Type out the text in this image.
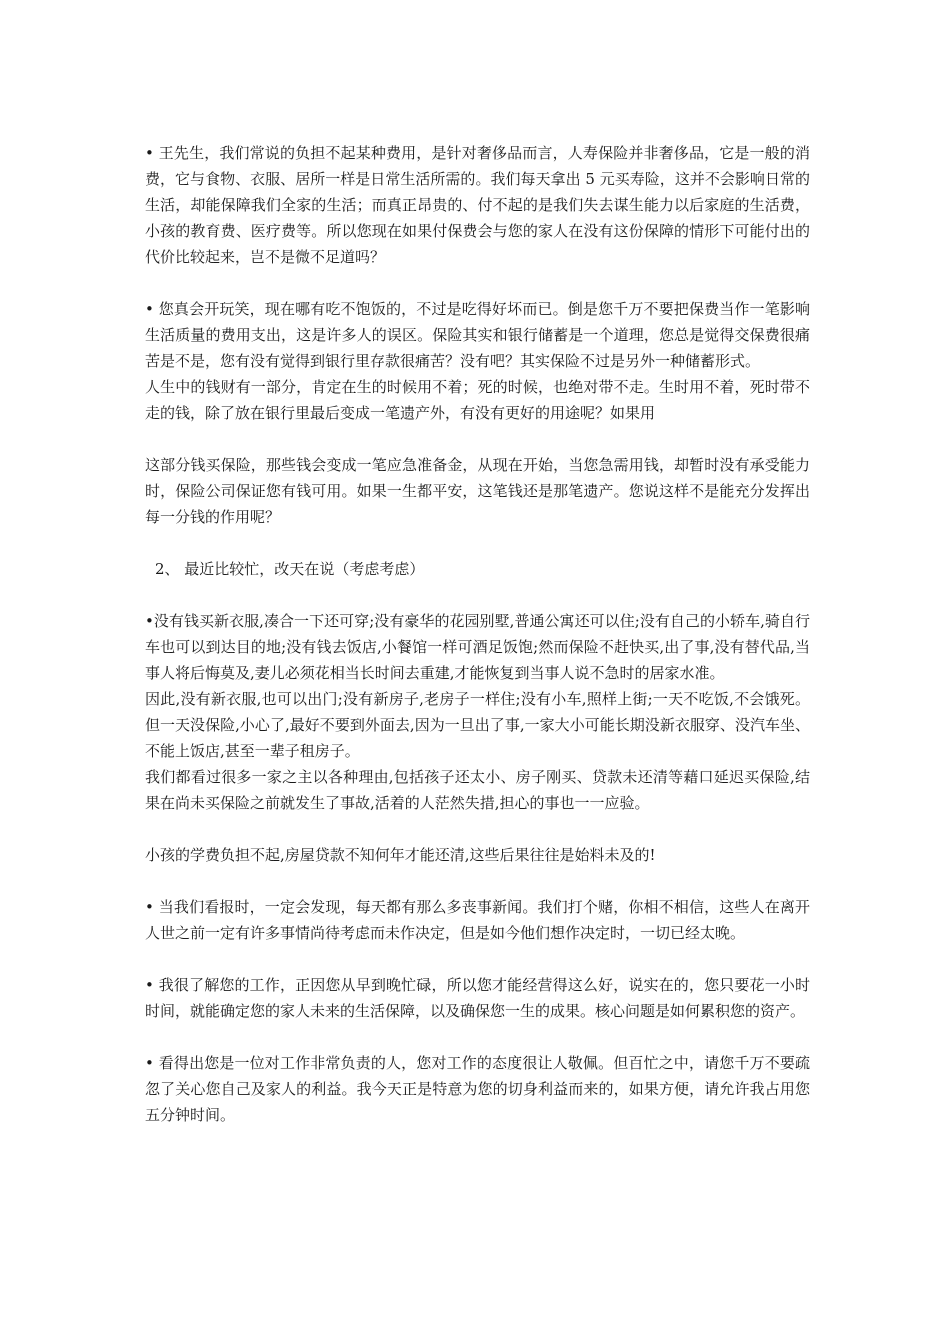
• 王先生，我们常说的负担不起某种费用，是针对奢侈品而言，人寿保险并非奢侈品，它是一般的消费，它与食物、衣服、居所一样是日常生活所需的。我们每天拿出 5 元买寿险，这并不会影响日常的生活，却能保障我们全家的生活；而真正昂贵的、付不起的是我们失去谋生能力以后家庭的生活费，小孩的教育费、医疗费等。所以您现在如果付保费会与您的家人在没有这份保障的情形下可能付出的代价比较起来，岂不是微不足道吗？

• 您真会开玩笑，现在哪有吃不饱饭的，不过是吃得好坏而已。倒是您千万不要把保费当作一笔影响生活质量的费用支出，这是许多人的误区。保险其实和银行储蓄是一个道理，您总是觉得交保费很痛苦是不是，您有没有觉得到银行里存款很痛苦？没有吧？其实保险不过是另外一种储蓄形式。

人生中的钱财有一部分，肯定在生的时候用不着；死的时候，也绝对带不走。生时用不着，死时带不走的钱，除了放在银行里最后变成一笔遗产外，有没有更好的用途呢？如果用

这部分钱买保险，那些钱会变成一笔应急准备金，从现在开始，当您急需用钱，却暂时没有承受能力时，保险公司保证您有钱可用。如果一生都平安，这笔钱还是那笔遗产。您说这样不是能充分发挥出每一分钱的作用呢？

2、 最近比较忙，改天在说（考虑考虑）

•没有钱买新衣服,凑合一下还可穿;没有豪华的花园别墅,普通公寓还可以住;没有自己的小轿车,骑自行车也可以到达目的地;没有钱去饭店,小餐馆一样可酒足饭饱;然而保险不赶快买,出了事,没有替代品,当事人将后悔莫及,妻儿必须花相当长时间去重建,才能恢复到当事人说不急时的居家水准。

因此,没有新衣服,也可以出门;没有新房子,老房子一样住;没有小车,照样上街;一天不吃饭,不会饿死。但一天没保险,小心了,最好不要到外面去,因为一旦出了事,一家大小可能长期没新衣服穿、没汽车坐、不能上饭店,甚至一辈子租房子。

我们都看过很多一家之主以各种理由,包括孩子还太小、房子刚买、贷款未还清等藉口延迟买保险,结果在尚未买保险之前就发生了事故,活着的人茫然失措,担心的事也一一应验。

小孩的学费负担不起,房屋贷款不知何年才能还清,这些后果往往是始料未及的!

• 当我们看报时，一定会发现，每天都有那么多丧事新闻。我们打个赌，你相不相信，这些人在离开人世之前一定有许多事情尚待考虑而未作决定，但是如今他们想作决定时，一切已经太晚。

• 我很了解您的工作，正因您从早到晚忙碌，所以您才能经营得这么好，说实在的，您只要花一小时时间，就能确定您的家人未来的生活保障，以及确保您一生的成果。核心问题是如何累积您的资产。

• 看得出您是一位对工作非常负责的人，您对工作的态度很让人敬佩。但百忙之中，请您千万不要疏忽了关心您自己及家人的利益。我今天正是特意为您的切身利益而来的，如果方便，请允许我占用您五分钟时间。
